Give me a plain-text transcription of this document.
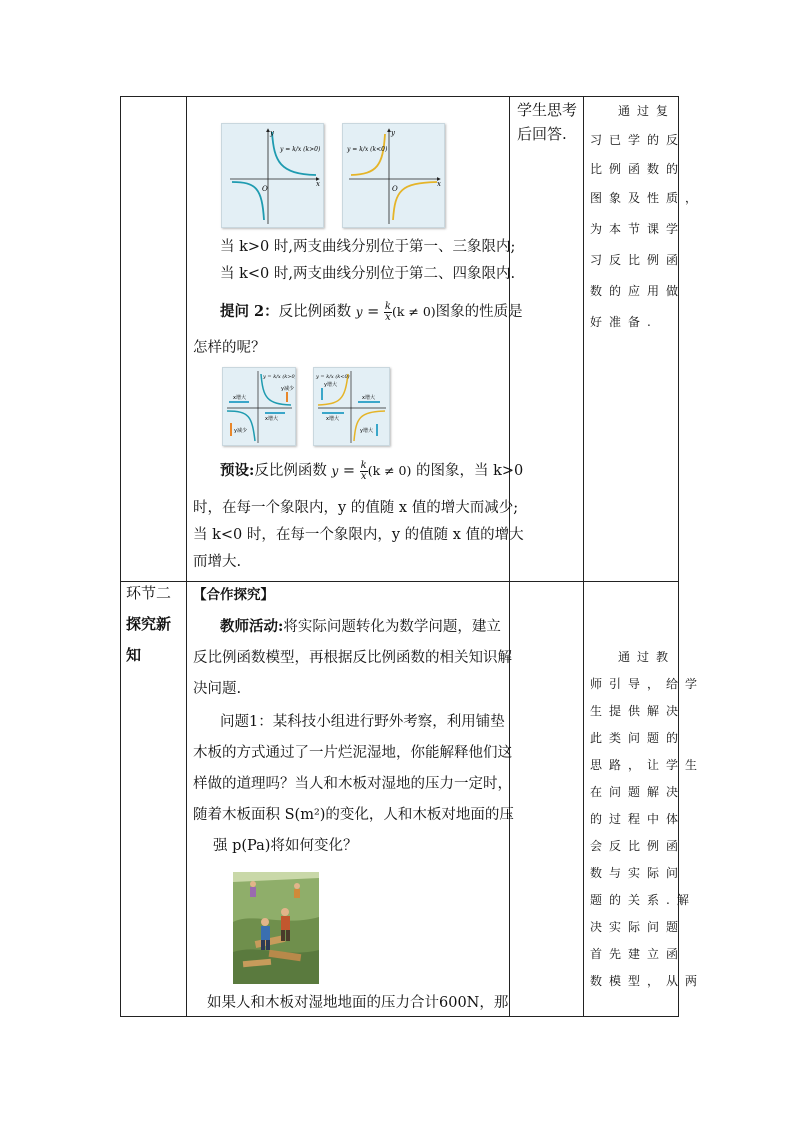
学生思考
后回答.
通过复
习已学的反
比例函数的
图象及性质，
为本节课学
习反比例函
数的应用做
好准备.
O
x
y
y = k/x (k>0)
O
x
y
y = k/x (k<0)
当 k>0 时,两支曲线分别位于第一、三象限内;
当 k<0 时,两支曲线分别位于第二、四象限内.
提问 2：反比例函数 $y = \frac{k}{x} (k \ne 0)$图象的性质是
怎样的呢？
y = k/x (k>0)
x增大
x增大
y减少
y减少
y = k/x (k<0)
x增大
x增大
y增大
y增大
预设:反比例函数 $y = \frac{k}{x} (k \ne 0)$ 的图象，当 k>0
时，在每一个象限内，y 的值随 x 值的增大而减少;
当 k<0 时，在每一个象限内，y 的值随 x 值的增大
而增大.
环节二
探究新
知
【合作探究】
教师活动:将实际问题转化为数学问题，建立
反比例函数模型，再根据反比例函数的相关知识解
决问题.
问题1：某科技小组进行野外考察，利用铺垫
木板的方式通过了一片烂泥湿地，你能解释他们这
样做的道理吗？当人和木板对湿地的压力一定时，
随着木板面积 S(m²)的变化，人和木板对地面的压
强 p(Pa)将如何变化？
如果人和木板对湿地地面的压力合计600N，那
通过教
师引导，给学
生提供解决
此类问题的
思路，让学生
在问题解决
的过程中体
会反比例函
数与实际问
题的关系.解
决实际问题
首先建立函
数模型，从两
